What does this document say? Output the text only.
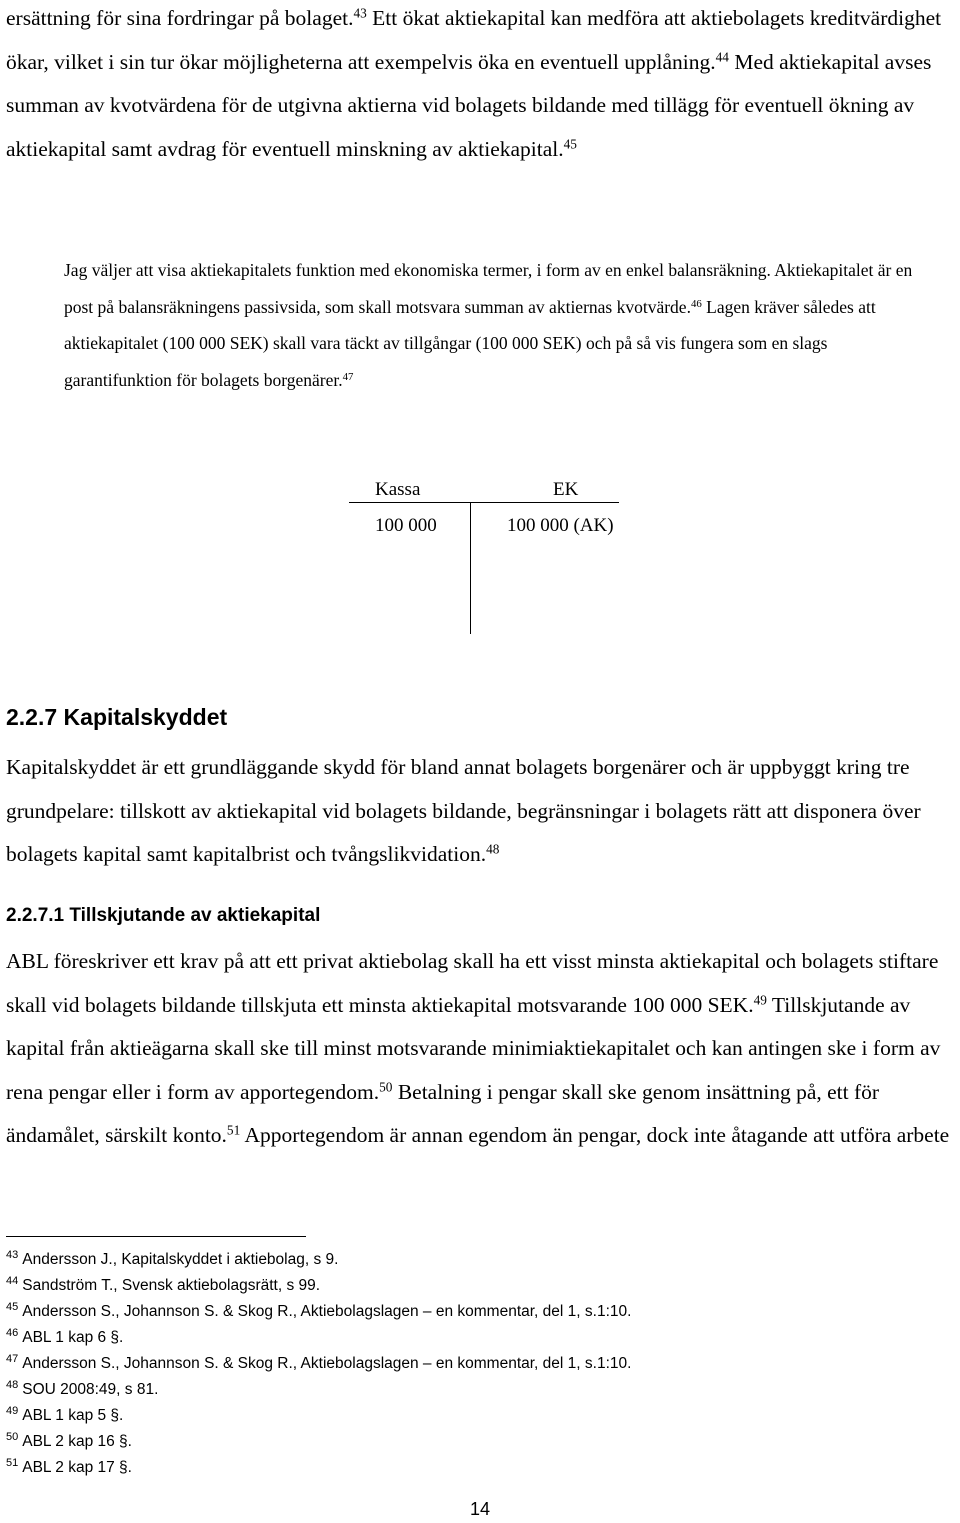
ersättning för sina fordringar på bolaget.$^{43}$ Ett ökat aktiekapital kan medföra att aktiebolagets kreditvärdighet ökar, vilket i sin tur ökar möjligheterna att exempelvis öka en eventuell upplåning.$^{44}$ Med aktiekapital avses summan av kvotvärdena för de utgivna aktierna vid bolagets bildande med tillägg för eventuell ökning av aktiekapital samt avdrag för eventuell minskning av aktiekapital.$^{45}$

Jag väljer att visa aktiekapitalets funktion med ekonomiska termer, i form av en enkel balansräkning. Aktiekapitalet är en post på balansräkningens passivsida, som skall motsvara summan av aktiernas kvotvärde.$^{46}$ Lagen kräver således att aktiekapitalet (100 000 SEK) skall vara täckt av tillgångar (100 000 SEK) och på så vis fungera som en slags garantifunktion för bolagets borgenärer.$^{47}$

Kassa	EK
100 000	100 000 (AK)
2.2.7 Kapitalskyddet

Kapitalskyddet är ett grundläggande skydd för bland annat bolagets borgenärer och är uppbyggt kring tre grundpelare: tillskott av aktiekapital vid bolagets bildande, begränsningar i bolagets rätt att disponera över bolagets kapital samt kapitalbrist och tvångslikvidation.$^{48}$

2.2.7.1 Tillskjutande av aktiekapital

ABL föreskriver ett krav på att ett privat aktiebolag skall ha ett visst minsta aktiekapital och bolagets stiftare skall vid bolagets bildande tillskjuta ett minsta aktiekapital motsvarande 100 000 SEK.$^{49}$ Tillskjutande av kapital från aktieägarna skall ske till minst motsvarande minimiaktiekapitalet och kan antingen ske i form av rena pengar eller i form av apportegendom.$^{50}$ Betalning i pengar skall ske genom insättning på, ett för ändamålet, särskilt konto.$^{51}$ Apportegendom är annan egendom än pengar, dock inte åtagande att utföra arbete

$^{43}$ Andersson J., Kapitalskyddet i aktiebolag, s 9.
$^{44}$ Sandström T., Svensk aktiebolagsrätt, s 99.
$^{45}$ Andersson S., Johannson S. & Skog R., Aktiebolagslagen – en kommentar, del 1, s.1:10.
$^{46}$ ABL 1 kap 6 §.
$^{47}$ Andersson S., Johannson S. & Skog R., Aktiebolagslagen – en kommentar, del 1, s.1:10.
$^{48}$ SOU 2008:49, s 81.
$^{49}$ ABL 1 kap 5 §.
$^{50}$ ABL 2 kap 16 §.
$^{51}$ ABL 2 kap 17 §.
14
